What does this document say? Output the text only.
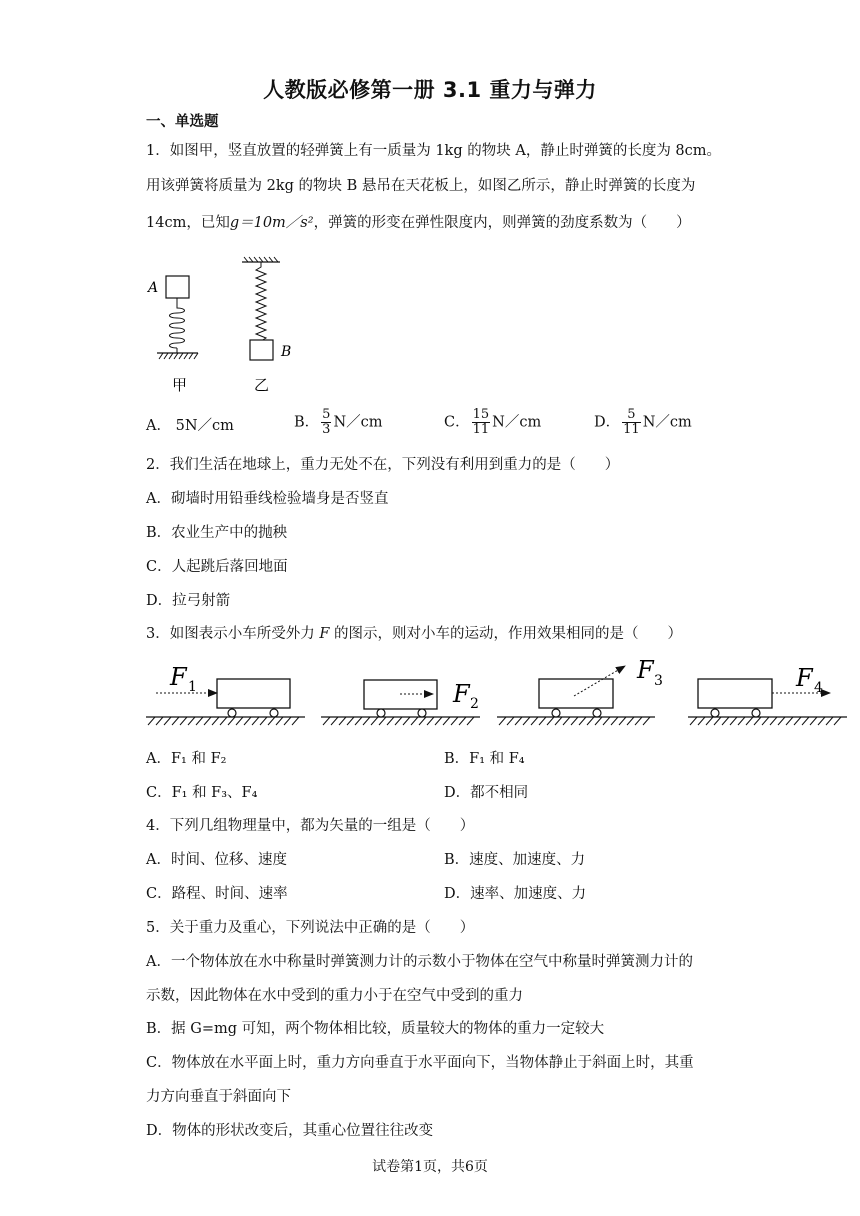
人教版必修第一册 3.1 重力与弹力
一、单选题
1．如图甲，竖直放置的轻弹簧上有一质量为 1kg 的物块 A，静止时弹簧的长度为 8cm。
用该弹簧将质量为 2kg 的物块 B 悬吊在天花板上，如图乙所示，静止时弹簧的长度为
14cm，已知g＝10m／s²，弹簧的形变在弹性限度内，则弹簧的劲度系数为（　　）
A
B
甲	乙
A． 5N／cm	B． $\frac{5}{3}$ N／cm	C． $\frac{15}{11}$ N／cm	D． $\frac{5}{11}$ N／cm
2．我们生活在地球上，重力无处不在，下列没有利用到重力的是（　　）
A．砌墙时用铅垂线检验墙身是否竖直
B．农业生产中的抛秧
C．人起跳后落回地面
D．拉弓射箭
3．如图表示小车所受外力 F 的图示，则对小车的运动，作用效果相同的是（　　）
F 1	F 2
F 3	F 4
A．F₁ 和 F₂	B．F₁ 和 F₄
C．F₁ 和 F₃、F₄	D．都不相同
4．下列几组物理量中，都为矢量的一组是（　　）
A．时间、位移、速度	B．速度、加速度、力
C．路程、时间、速率	D．速率、加速度、力
5．关于重力及重心，下列说法中正确的是（　　）
A．一个物体放在水中称量时弹簧测力计的示数小于物体在空气中称量时弹簧测力计的
示数，因此物体在水中受到的重力小于在空气中受到的重力
B．据 G=mg 可知，两个物体相比较，质量较大的物体的重力一定较大
C．物体放在水平面上时，重力方向垂直于水平面向下，当物体静止于斜面上时，其重
力方向垂直于斜面向下
D．物体的形状改变后，其重心位置往往改变
试卷第1页，共6页
